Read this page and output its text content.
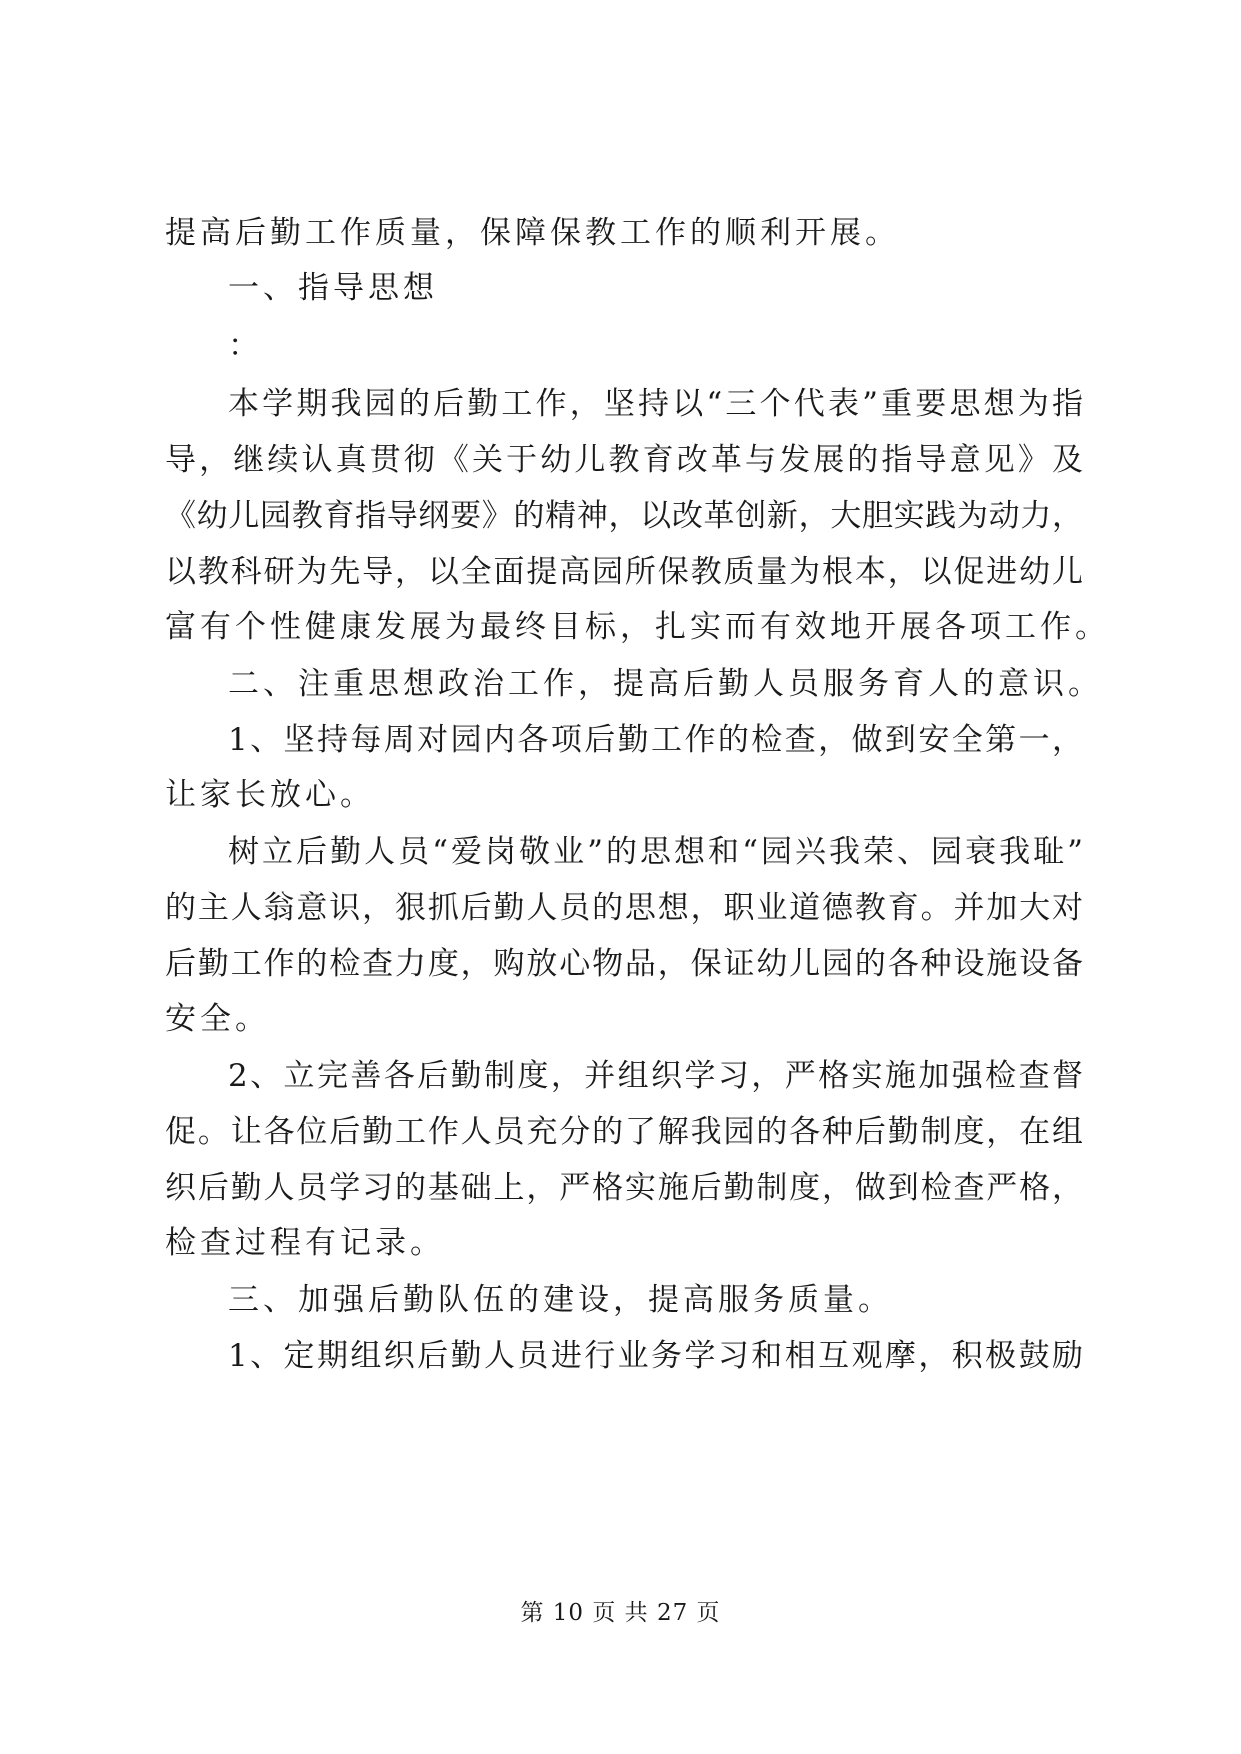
提高后勤工作质量，保障保教工作的顺利开展。
一、指导思想
：
本学期我园的后勤工作，坚持以“三个代表”重要思想为指
导，继续认真贯彻《关于幼儿教育改革与发展的指导意见》及
《幼儿园教育指导纲要》的精神，以改革创新，大胆实践为动力，
以教科研为先导，以全面提高园所保教质量为根本，以促进幼儿
富有个性健康发展为最终目标，扎实而有效地开展各项工作。
二、注重思想政治工作，提高后勤人员服务育人的意识。
1、坚持每周对园内各项后勤工作的检查，做到安全第一，
让家长放心。
树立后勤人员“爱岗敬业”的思想和“园兴我荣、园衰我耻”
的主人翁意识，狠抓后勤人员的思想，职业道德教育。并加大对
后勤工作的检查力度，购放心物品，保证幼儿园的各种设施设备
安全。
2、立完善各后勤制度，并组织学习，严格实施加强检查督
促。让各位后勤工作人员充分的了解我园的各种后勤制度，在组
织后勤人员学习的基础上，严格实施后勤制度，做到检查严格，
检查过程有记录。
三、加强后勤队伍的建设，提高服务质量。
1、定期组织后勤人员进行业务学习和相互观摩，积极鼓励
第 10 页 共 27 页
